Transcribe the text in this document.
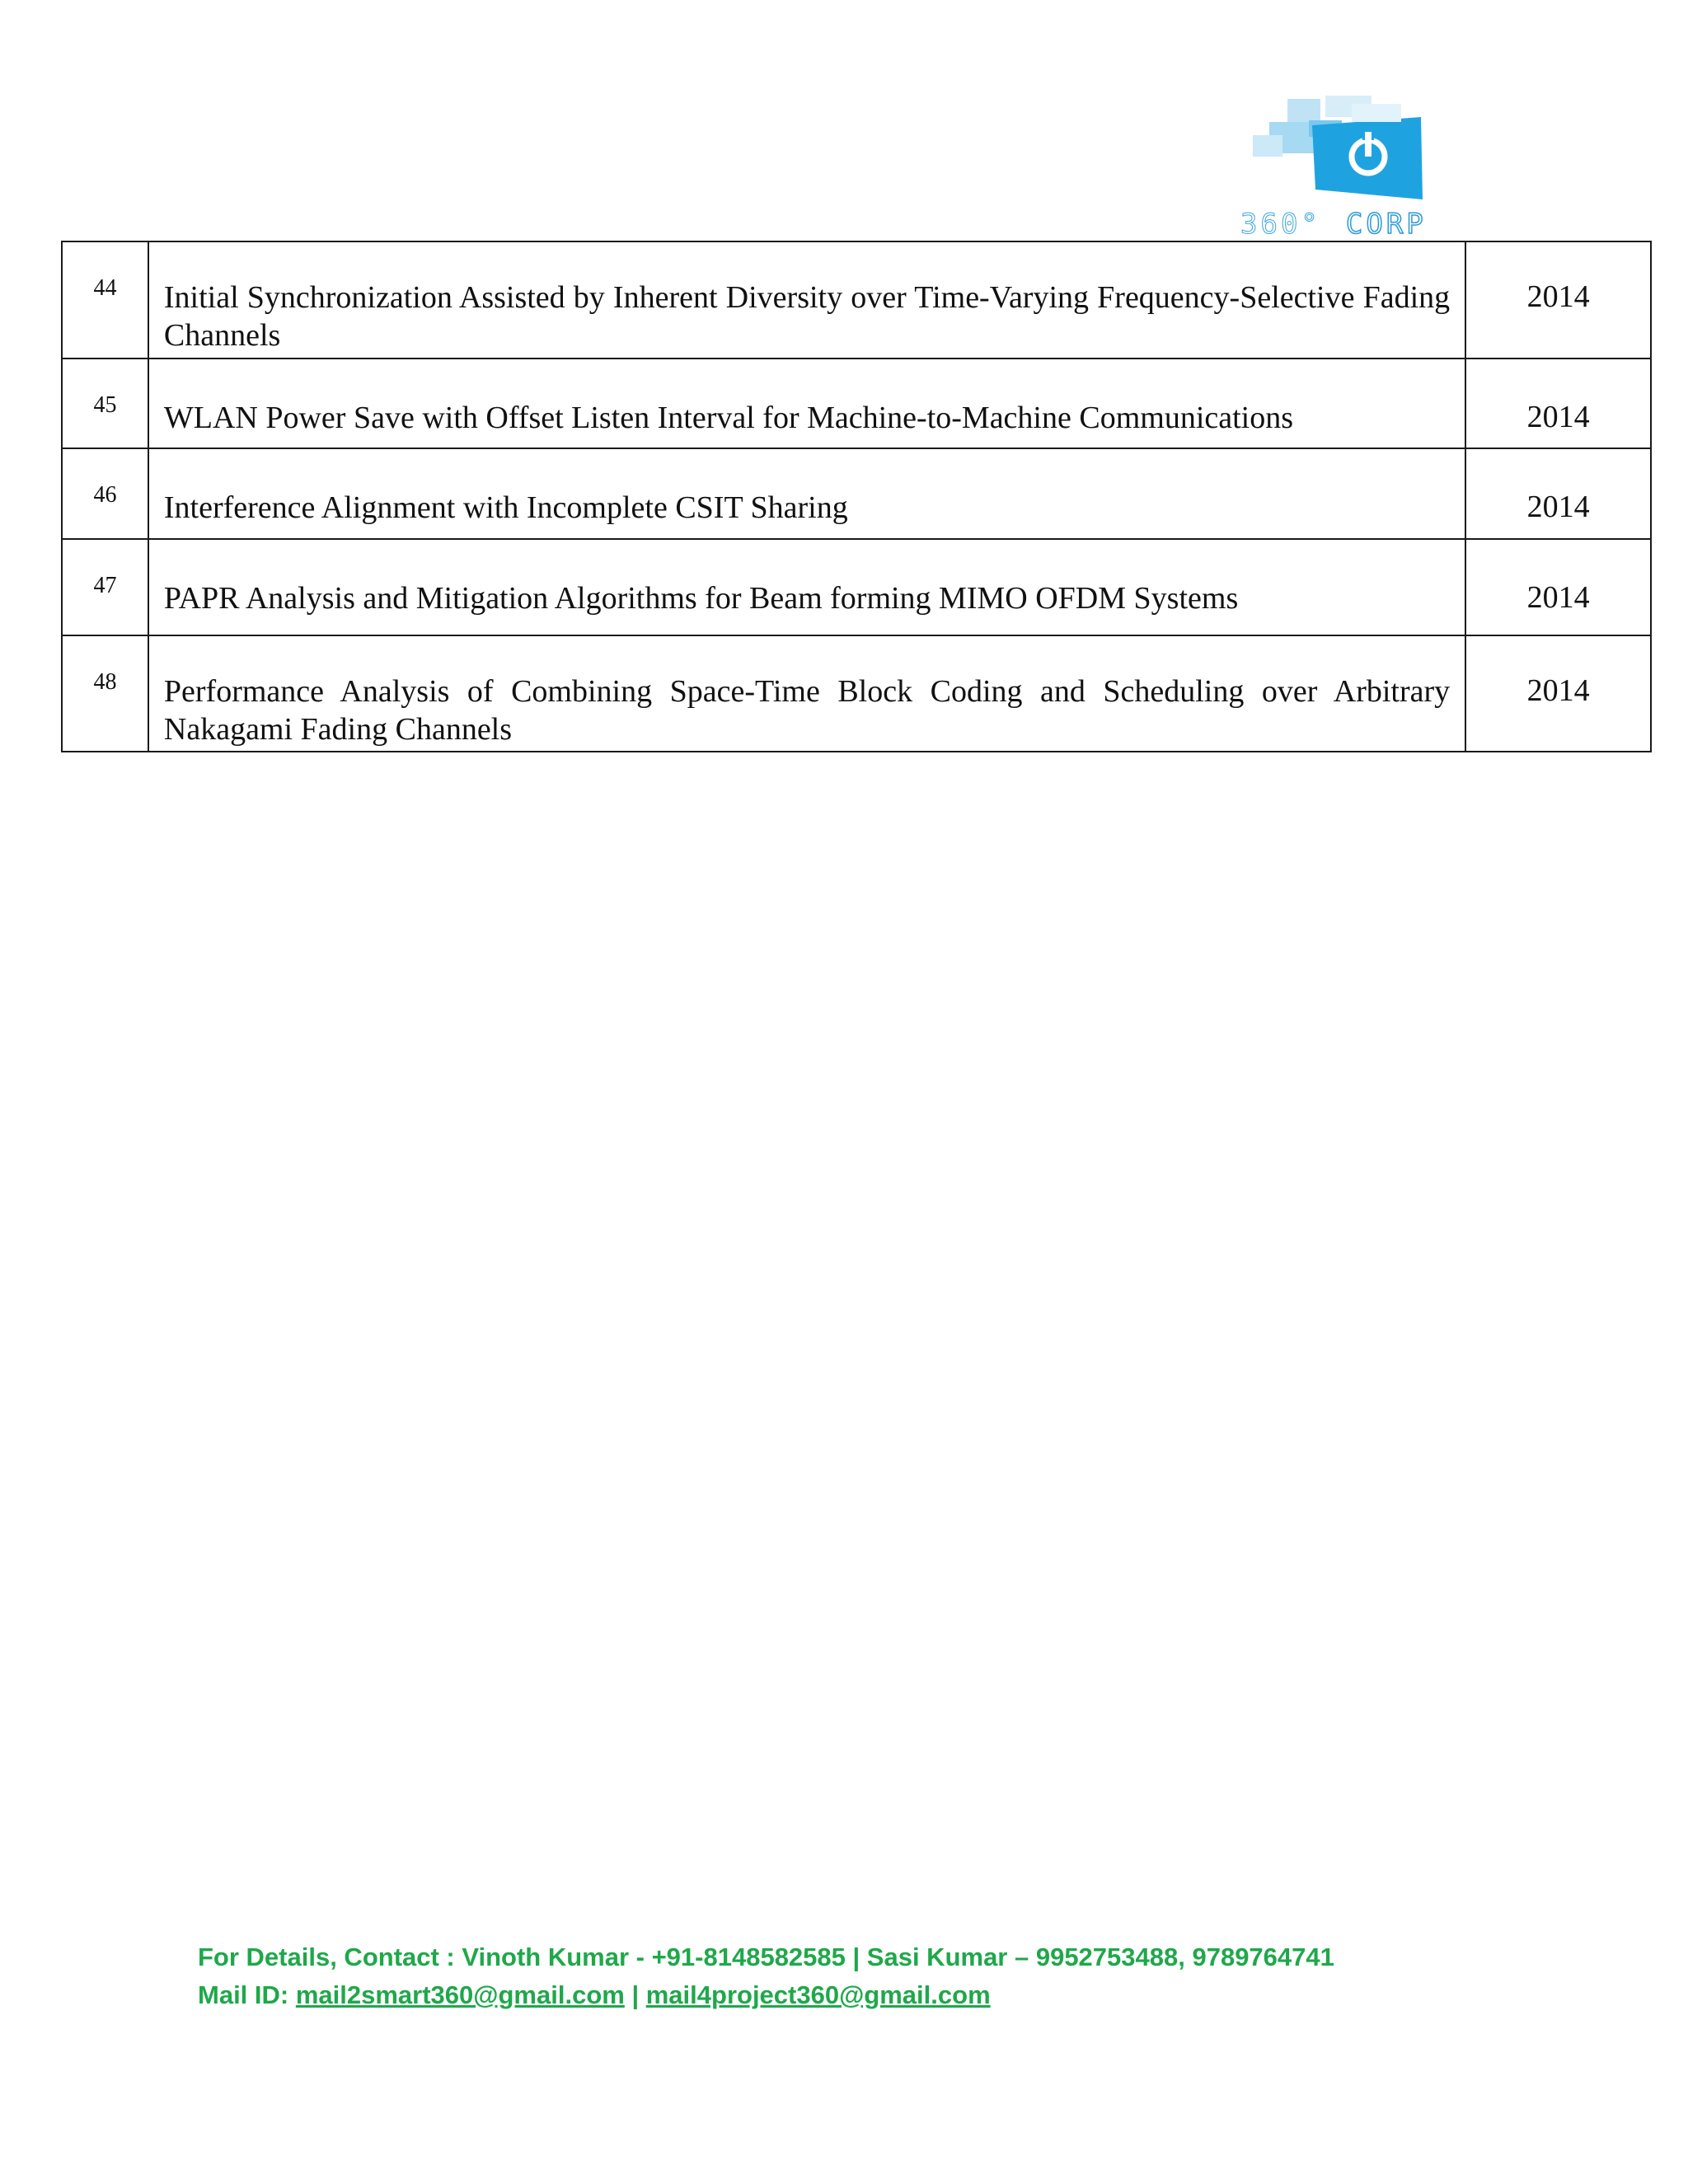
360° CORP
44	Initial Synchronization Assisted by Inherent Diversity over Time-Varying Frequency-Selective Fading Channels	2014
45	WLAN Power Save with Offset Listen Interval for Machine-to-Machine Communications	2014
46	Interference Alignment with Incomplete CSIT Sharing	2014
47	PAPR Analysis and Mitigation Algorithms for Beam forming MIMO OFDM Systems	2014
48	Performance Analysis of Combining Space-Time Block Coding and Scheduling over Arbitrary Nakagami Fading Channels	2014
For Details, Contact : Vinoth Kumar - +91-8148582585 | Sasi Kumar – 9952753488, 9789764741
Mail ID: mail2smart360@gmail.com | mail4project360@gmail.com
